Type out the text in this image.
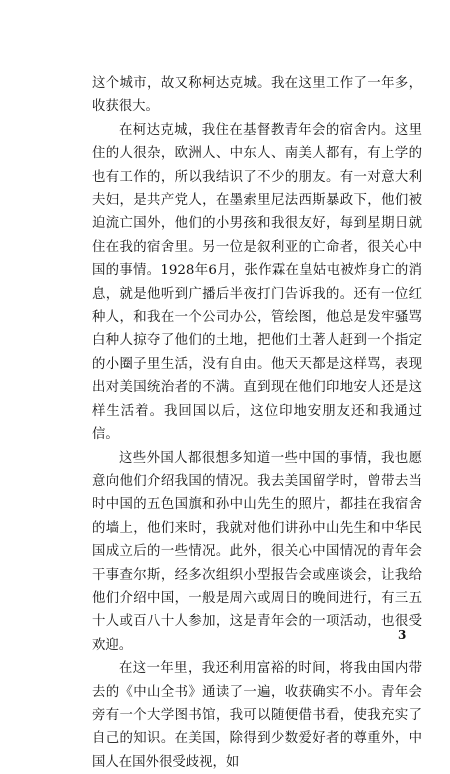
这个城市，故又称柯达克城。我在这里工作了一年多，收获很大。

在柯达克城，我住在基督教青年会的宿舍内。这里住的人很杂，欧洲人、中东人、南美人都有，有上学的也有工作的，所以我结识了不少的朋友。有一对意大利夫妇，是共产党人，在墨索里尼法西斯暴政下，他们被迫流亡国外，他们的小男孩和我很友好，每到星期日就住在我的宿舍里。另一位是叙利亚的亡命者，很关心中国的事情。1928年6月，张作霖在皇姑屯被炸身亡的消息，就是他听到广播后半夜打门告诉我的。还有一位红种人，和我在一个公司办公，管绘图，他总是发牢骚骂白种人掠夺了他们的土地，把他们土著人赶到一个指定的小圈子里生活，没有自由。他天天都是这样骂，表现出对美国统治者的不满。直到现在他们印地安人还是这样生活着。我回国以后，这位印地安朋友还和我通过信。

这些外国人都很想多知道一些中国的事情，我也愿意向他们介绍我国的情况。我去美国留学时，曾带去当时中国的五色国旗和孙中山先生的照片，都挂在我宿舍的墙上，他们来时，我就对他们讲孙中山先生和中华民国成立后的一些情况。此外，很关心中国情况的青年会干事查尔斯，经多次组织小型报告会或座谈会，让我给他们介绍中国，一般是周六或周日的晚间进行，有三五十人或百八十人参加，这是青年会的一项活动，也很受欢迎。

在这一年里，我还利用富裕的时间，将我由国内带去的《中山全书》通读了一遍，收获确实不小。青年会旁有一个大学图书馆，我可以随便借书看，使我充实了自己的知识。在美国，除得到少数爱好者的尊重外，中国人在国外很受歧视，如

3
